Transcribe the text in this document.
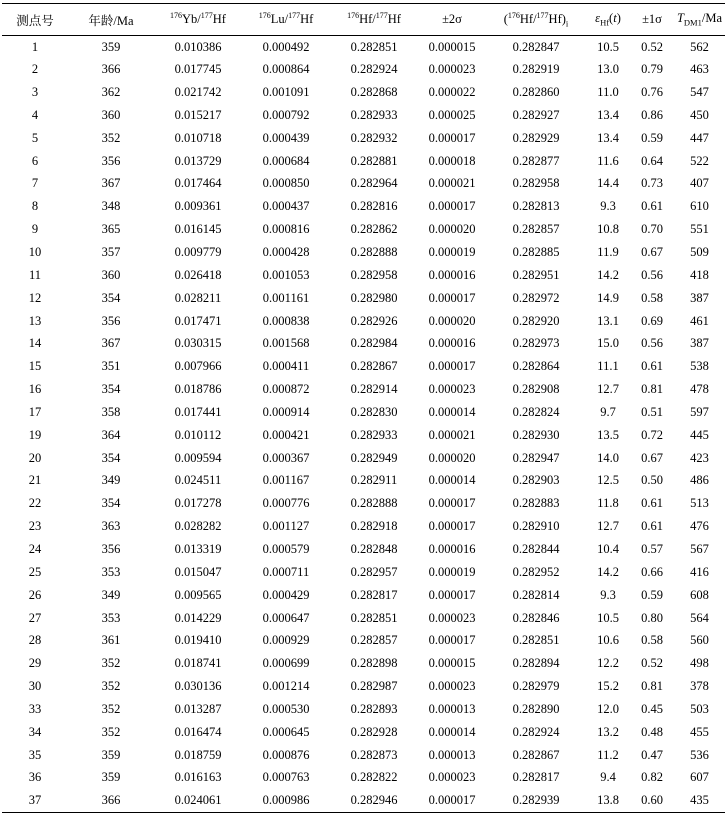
测点号	年龄/Ma	$^{176}$Yb/$^{177}$Hf	$^{176}$Lu/$^{177}$Hf	$^{176}$Hf/$^{177}$Hf	±2σ	$(^{176}Hf/^{177}Hf)_i$	$\varepsilon_{Hf}(t)$	±1σ	$T_{DM1}/Ma$
1	359	0.010386	0.000492	0.282851	0.000015	0.282847	10.5	0.52	562
2	366	0.017745	0.000864	0.282924	0.000023	0.282919	13.0	0.79	463
3	362	0.021742	0.001091	0.282868	0.000022	0.282860	11.0	0.76	547
4	360	0.015217	0.000792	0.282933	0.000025	0.282927	13.4	0.86	450
5	352	0.010718	0.000439	0.282932	0.000017	0.282929	13.4	0.59	447
6	356	0.013729	0.000684	0.282881	0.000018	0.282877	11.6	0.64	522
7	367	0.017464	0.000850	0.282964	0.000021	0.282958	14.4	0.73	407
8	348	0.009361	0.000437	0.282816	0.000017	0.282813	9.3	0.61	610
9	365	0.016145	0.000816	0.282862	0.000020	0.282857	10.8	0.70	551
10	357	0.009779	0.000428	0.282888	0.000019	0.282885	11.9	0.67	509
11	360	0.026418	0.001053	0.282958	0.000016	0.282951	14.2	0.56	418
12	354	0.028211	0.001161	0.282980	0.000017	0.282972	14.9	0.58	387
13	356	0.017471	0.000838	0.282926	0.000020	0.282920	13.1	0.69	461
14	367	0.030315	0.001568	0.282984	0.000016	0.282973	15.0	0.56	387
15	351	0.007966	0.000411	0.282867	0.000017	0.282864	11.1	0.61	538
16	354	0.018786	0.000872	0.282914	0.000023	0.282908	12.7	0.81	478
17	358	0.017441	0.000914	0.282830	0.000014	0.282824	9.7	0.51	597
19	364	0.010112	0.000421	0.282933	0.000021	0.282930	13.5	0.72	445
20	354	0.009594	0.000367	0.282949	0.000020	0.282947	14.0	0.67	423
21	349	0.024511	0.001167	0.282911	0.000014	0.282903	12.5	0.50	486
22	354	0.017278	0.000776	0.282888	0.000017	0.282883	11.8	0.61	513
23	363	0.028282	0.001127	0.282918	0.000017	0.282910	12.7	0.61	476
24	356	0.013319	0.000579	0.282848	0.000016	0.282844	10.4	0.57	567
25	353	0.015047	0.000711	0.282957	0.000019	0.282952	14.2	0.66	416
26	349	0.009565	0.000429	0.282817	0.000017	0.282814	9.3	0.59	608
27	353	0.014229	0.000647	0.282851	0.000023	0.282846	10.5	0.80	564
28	361	0.019410	0.000929	0.282857	0.000017	0.282851	10.6	0.58	560
29	352	0.018741	0.000699	0.282898	0.000015	0.282894	12.2	0.52	498
30	352	0.030136	0.001214	0.282987	0.000023	0.282979	15.2	0.81	378
33	352	0.013287	0.000530	0.282893	0.000013	0.282890	12.0	0.45	503
34	352	0.016474	0.000645	0.282928	0.000014	0.282924	13.2	0.48	455
35	359	0.018759	0.000876	0.282873	0.000013	0.282867	11.2	0.47	536
36	359	0.016163	0.000763	0.282822	0.000023	0.282817	9.4	0.82	607
37	366	0.024061	0.000986	0.282946	0.000017	0.282939	13.8	0.60	435
